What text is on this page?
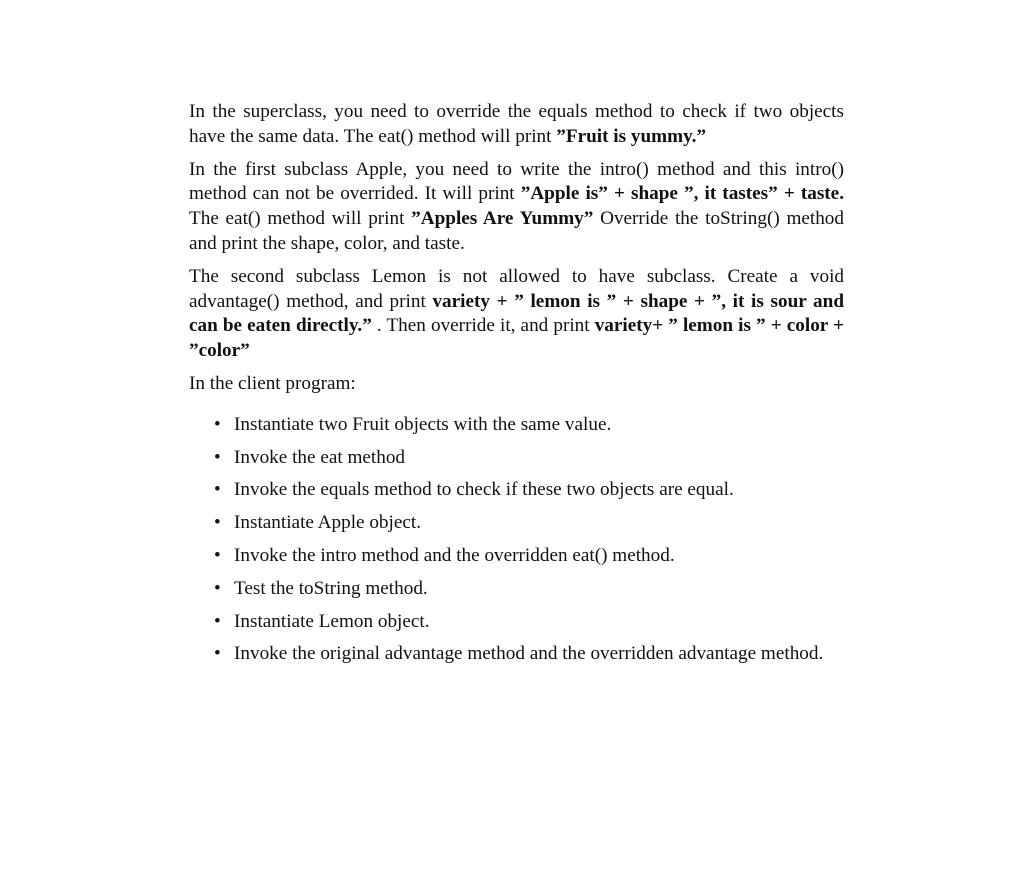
In the superclass, you need to override the equals method to check if two objects have the same data. The eat() method will print ”Fruit is yummy.”

In the first subclass Apple, you need to write the intro() method and this intro() method can not be overrided. It will print ”Apple is” + shape ”, it tastes” + taste. The eat() method will print ”Apples Are Yummy” Override the toString() method and print the shape, color, and taste.

The second subclass Lemon is not allowed to have subclass. Create a void advantage() method, and print variety + ” lemon is ” + shape + ”, it is sour and can be eaten directly.” . Then override it, and print variety+ ” lemon is ” + color + ”color”

In the client program:

• Instantiate two Fruit objects with the same value.
• Invoke the eat method
• Invoke the equals method to check if these two objects are equal.
• Instantiate Apple object.
• Invoke the intro method and the overridden eat() method.
• Test the toString method.
• Instantiate Lemon object.
• Invoke the original advantage method and the overridden advantage method.
